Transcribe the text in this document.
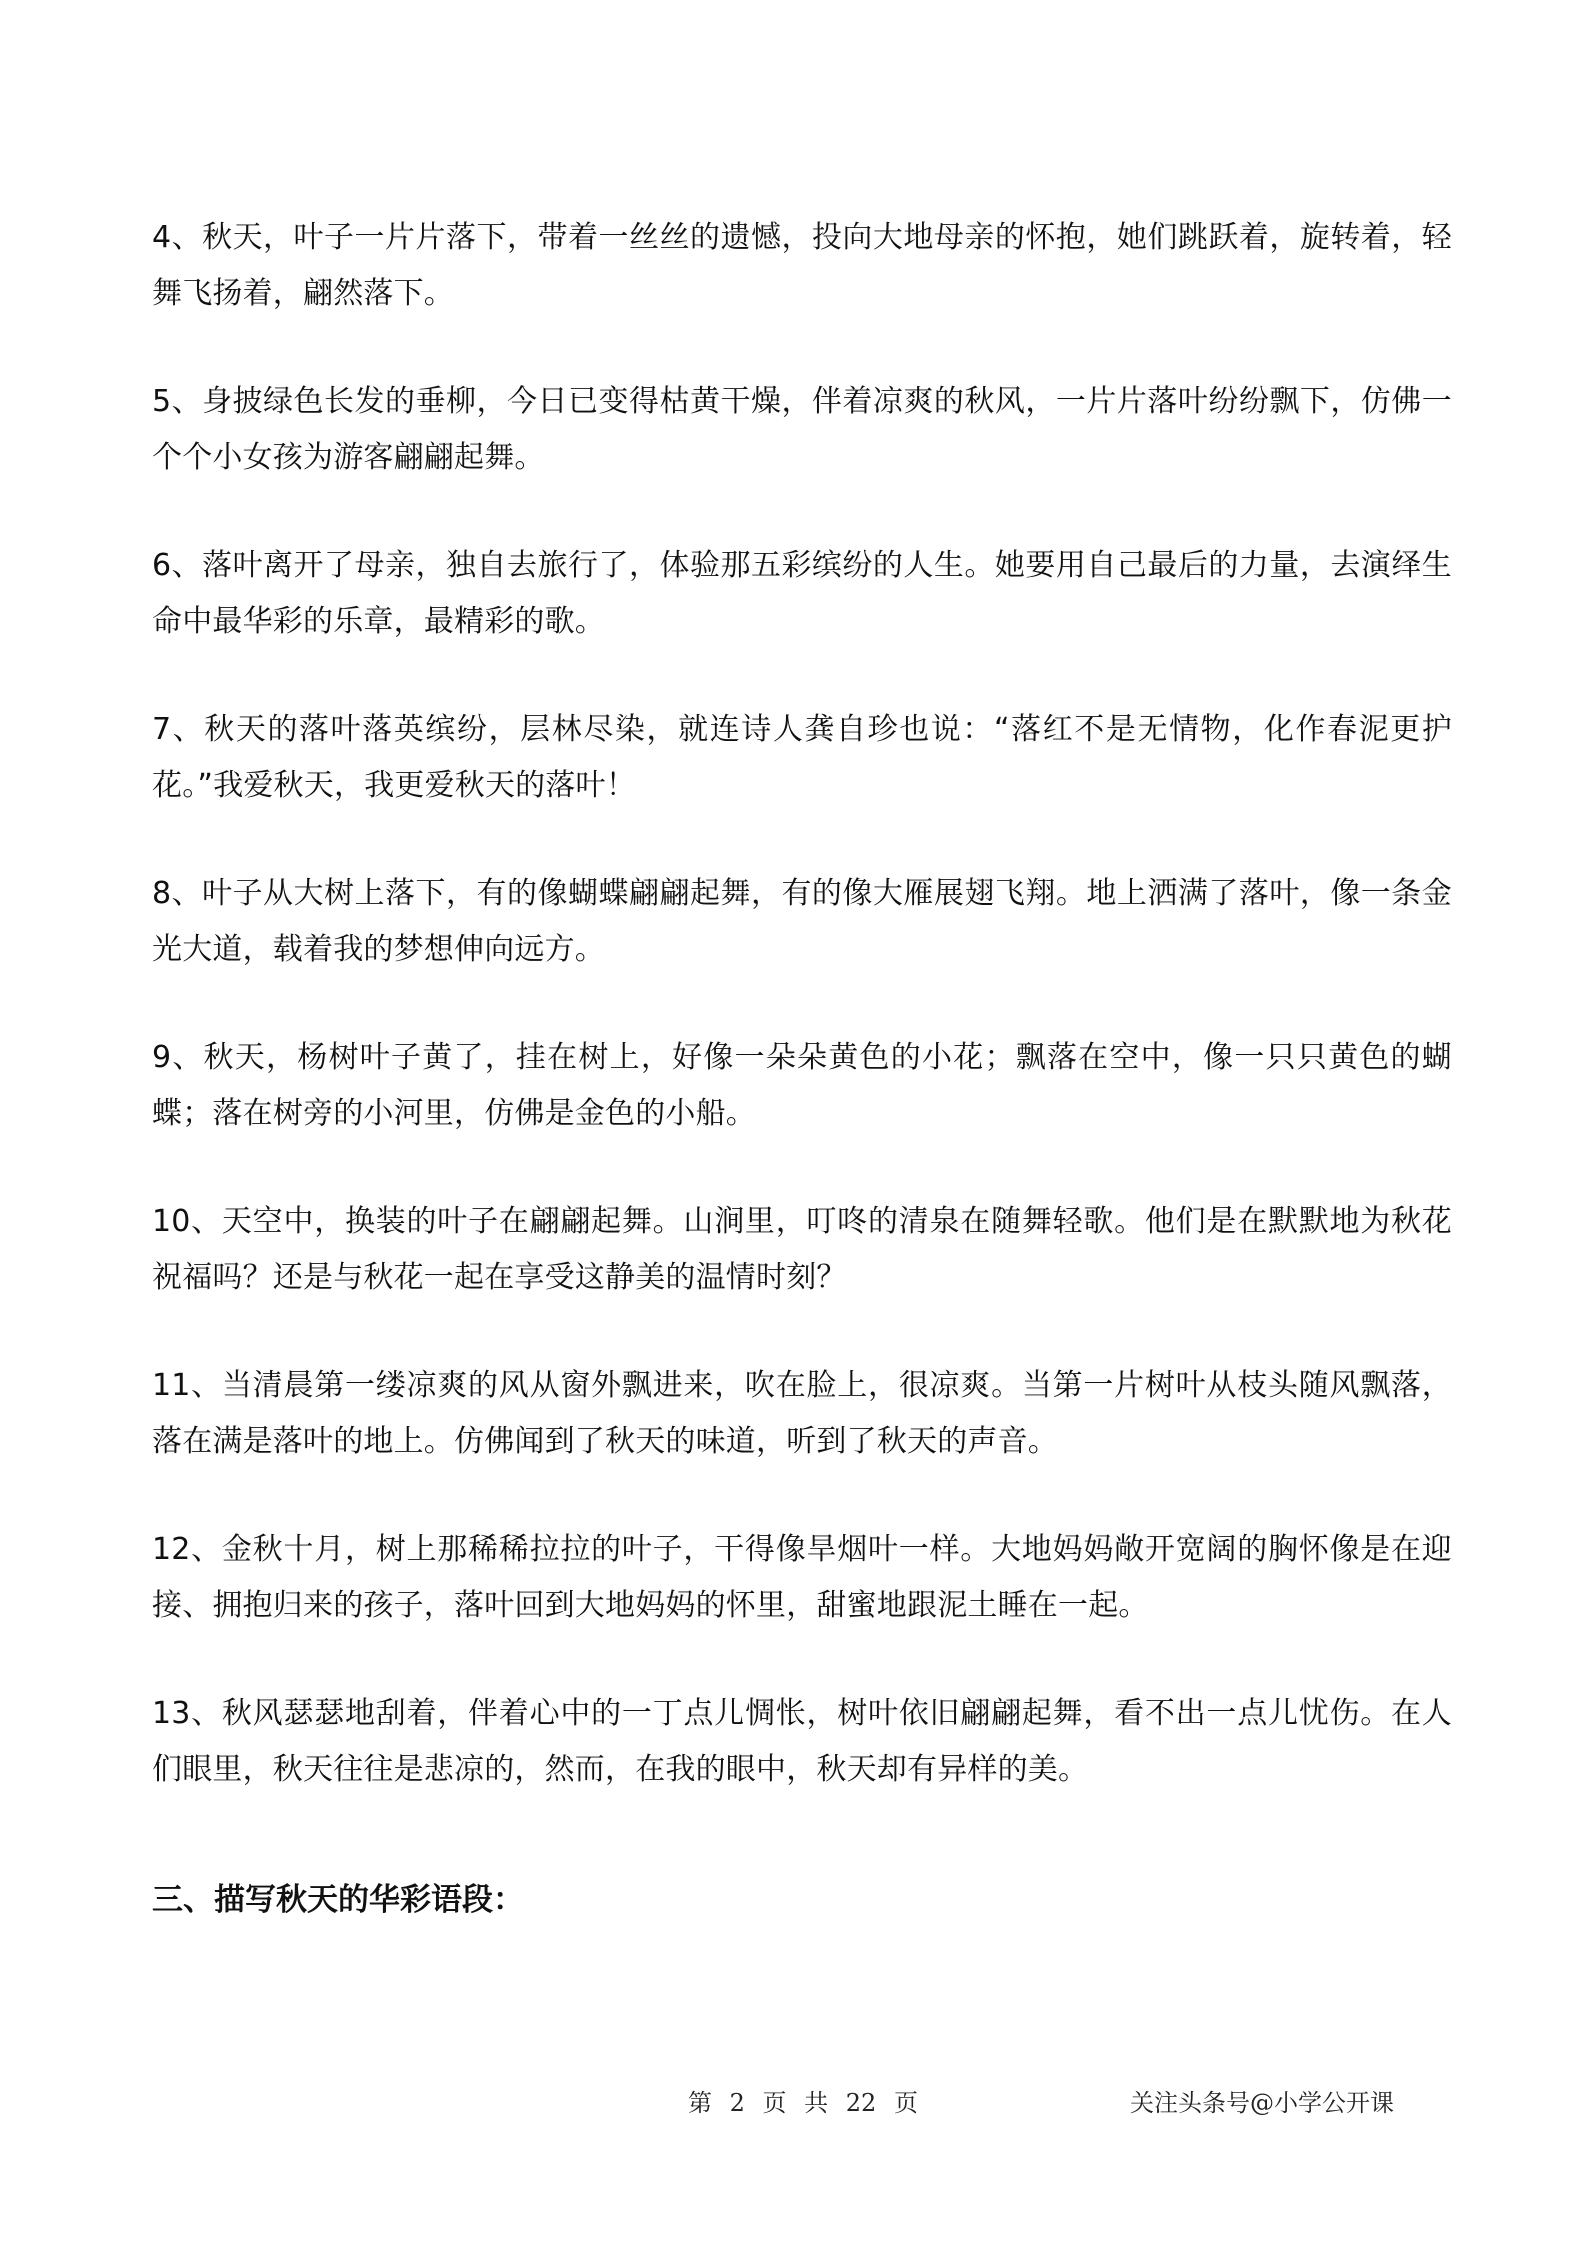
4、秋天，叶子一片片落下，带着一丝丝的遗憾，投向大地母亲的怀抱，她们跳跃着，旋转着，轻舞飞扬着，翩然落下。

5、身披绿色长发的垂柳，今日已变得枯黄干燥，伴着凉爽的秋风，一片片落叶纷纷飘下，仿佛一个个小女孩为游客翩翩起舞。

6、落叶离开了母亲，独自去旅行了，体验那五彩缤纷的人生。她要用自己最后的力量，去演绎生命中最华彩的乐章，最精彩的歌。

7、秋天的落叶落英缤纷，层林尽染，就连诗人龚自珍也说：“落红不是无情物，化作春泥更护花。”我爱秋天，我更爱秋天的落叶！

8、叶子从大树上落下，有的像蝴蝶翩翩起舞，有的像大雁展翅飞翔。地上洒满了落叶，像一条金光大道，载着我的梦想伸向远方。

9、秋天，杨树叶子黄了，挂在树上，好像一朵朵黄色的小花；飘落在空中，像一只只黄色的蝴蝶；落在树旁的小河里，仿佛是金色的小船。

10、天空中，换装的叶子在翩翩起舞。山涧里，叮咚的清泉在随舞轻歌。他们是在默默地为秋花祝福吗？还是与秋花一起在享受这静美的温情时刻？

11、当清晨第一缕凉爽的风从窗外飘进来，吹在脸上，很凉爽。当第一片树叶从枝头随风飘落，落在满是落叶的地上。仿佛闻到了秋天的味道，听到了秋天的声音。

12、金秋十月，树上那稀稀拉拉的叶子，干得像旱烟叶一样。大地妈妈敞开宽阔的胸怀像是在迎接、拥抱归来的孩子，落叶回到大地妈妈的怀里，甜蜜地跟泥土睡在一起。

13、秋风瑟瑟地刮着，伴着心中的一丁点儿惆怅，树叶依旧翩翩起舞，看不出一点儿忧伤。在人们眼里，秋天往往是悲凉的，然而，在我的眼中，秋天却有异样的美。

三、描写秋天的华彩语段：
第 2 页 共 22 页	关注头条号@小学公开课
